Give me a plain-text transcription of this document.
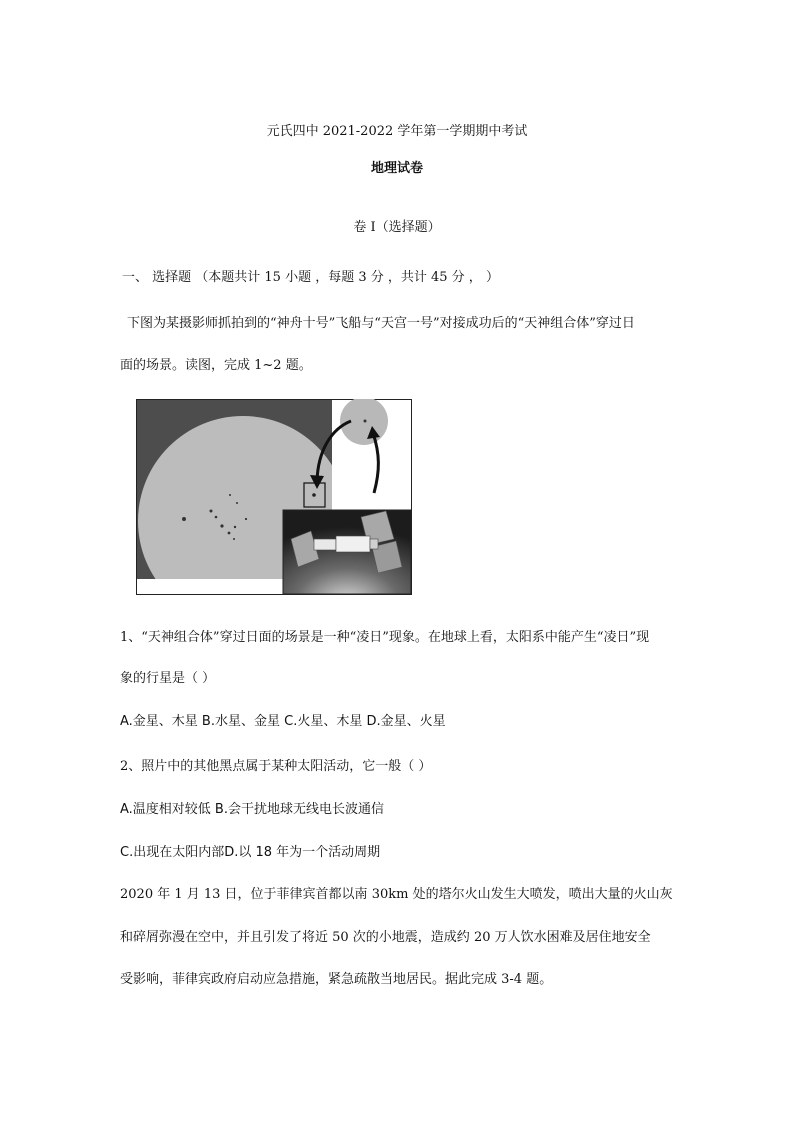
元氏四中 2021-2022 学年第一学期期中考试
地理试卷
卷 I（选择题）
一、 选择题 （本题共计 15 小题 ，每题 3 分 ，共计 45 分 ， ）
下图为某摄影师抓拍到的“神舟十号”飞船与“天宫一号”对接成功后的“天神组合体”穿过日
面的场景。读图，完成 1~2 题。
1、“天神组合体”穿过日面的场景是一种“凌日”现象。在地球上看，太阳系中能产生“凌日”现
象的行星是（ ）
A.金星、木星 B.水星、金星 C.火星、木星 D.金星、火星
2、照片中的其他黑点属于某种太阳活动，它一般（ ）
A.温度相对较低 B.会干扰地球无线电长波通信
C.出现在太阳内部D.以 18 年为一个活动周期
2020 年 1 月 13 日，位于菲律宾首都以南 30km 处的塔尔火山发生大喷发，喷出大量的火山灰
和碎屑弥漫在空中，并且引发了将近 50 次的小地震，造成约 20 万人饮水困难及居住地安全
受影响，菲律宾政府启动应急措施，紧急疏散当地居民。据此完成 3-4 题。
